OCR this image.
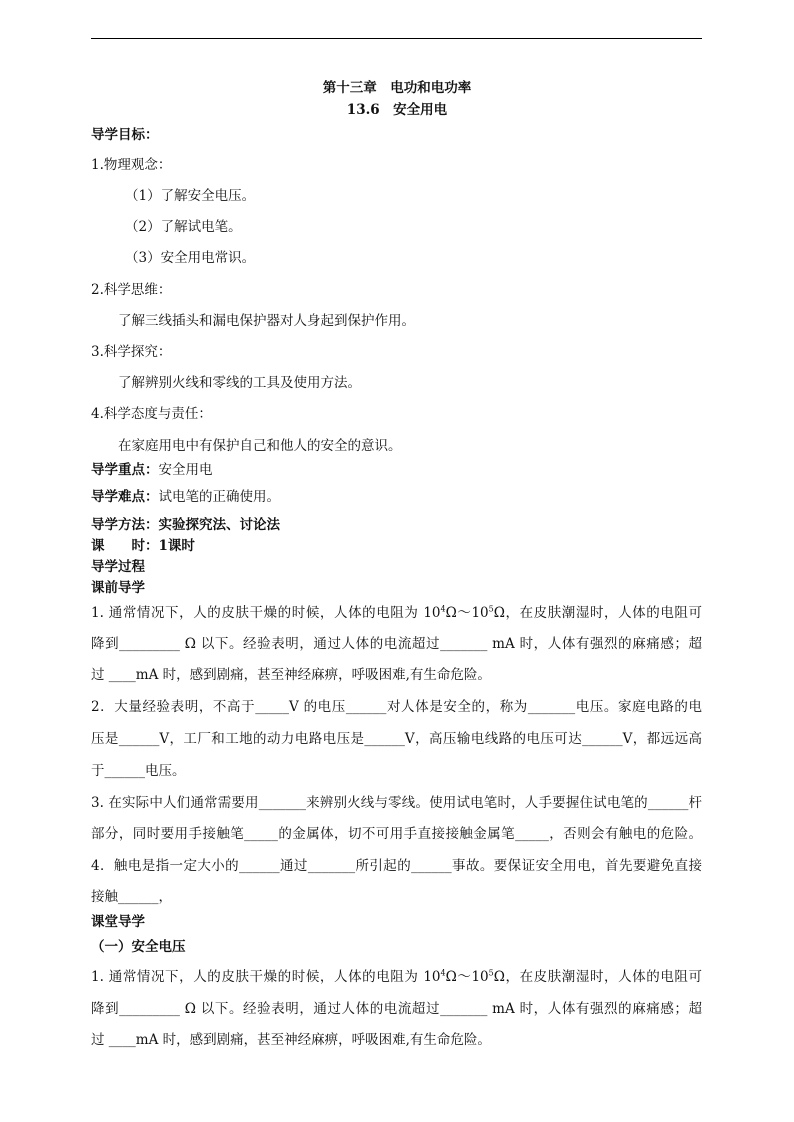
第十三章　电功和电功率
13.6　安全用电
导学目标：
1.物理观念：
（1）了解安全电压。
（2）了解试电笔。
（3）安全用电常识。
2.科学思维：
了解三线插头和漏电保护器对人身起到保护作用。
3.科学探究：
了解辨别火线和零线的工具及使用方法。
4.科学态度与责任：
在家庭用电中有保护自己和他人的安全的意识。
导学重点：安全用电
导学难点：试电笔的正确使用。
导学方法：实验探究法、讨论法
课　　时：1课时
导学过程
课前导学
1. 通常情况下，人的皮肤干燥的时候，人体的电阻为 $10^4\Omega\sim 10^5\Omega$，在皮肤潮湿时，人体的电阻可
降到_________ Ω 以下。经验表明，通过人体的电流超过_______ mA 时，人体有强烈的麻痛感；超
过 ____mA 时，感到剧痛，甚至神经麻痹，呼吸困难,有生命危险。
2．大量经验表明，不高于_____V 的电压______对人体是安全的，称为_______电压。家庭电路的电
压是______V，工厂和工地的动力电路电压是______V，高压输电线路的电压可达______V，都远远高
于______电压。
3. 在实际中人们通常需要用_______来辨别火线与零线。使用试电笔时，人手要握住试电笔的______杆
部分，同时要用手接触笔_____的金属体，切不可用手直接接触金属笔_____，否则会有触电的危险。
4．触电是指一定大小的______通过_______所引起的______事故。要保证安全用电，首先要避免直接
接触______，
课堂导学
（一）安全电压
1. 通常情况下，人的皮肤干燥的时候，人体的电阻为 $10^4\Omega\sim 10^5\Omega$，在皮肤潮湿时，人体的电阻可
降到_________ Ω 以下。经验表明，通过人体的电流超过_______ mA 时，人体有强烈的麻痛感；超
过 ____mA 时，感到剧痛，甚至神经麻痹，呼吸困难,有生命危险。
